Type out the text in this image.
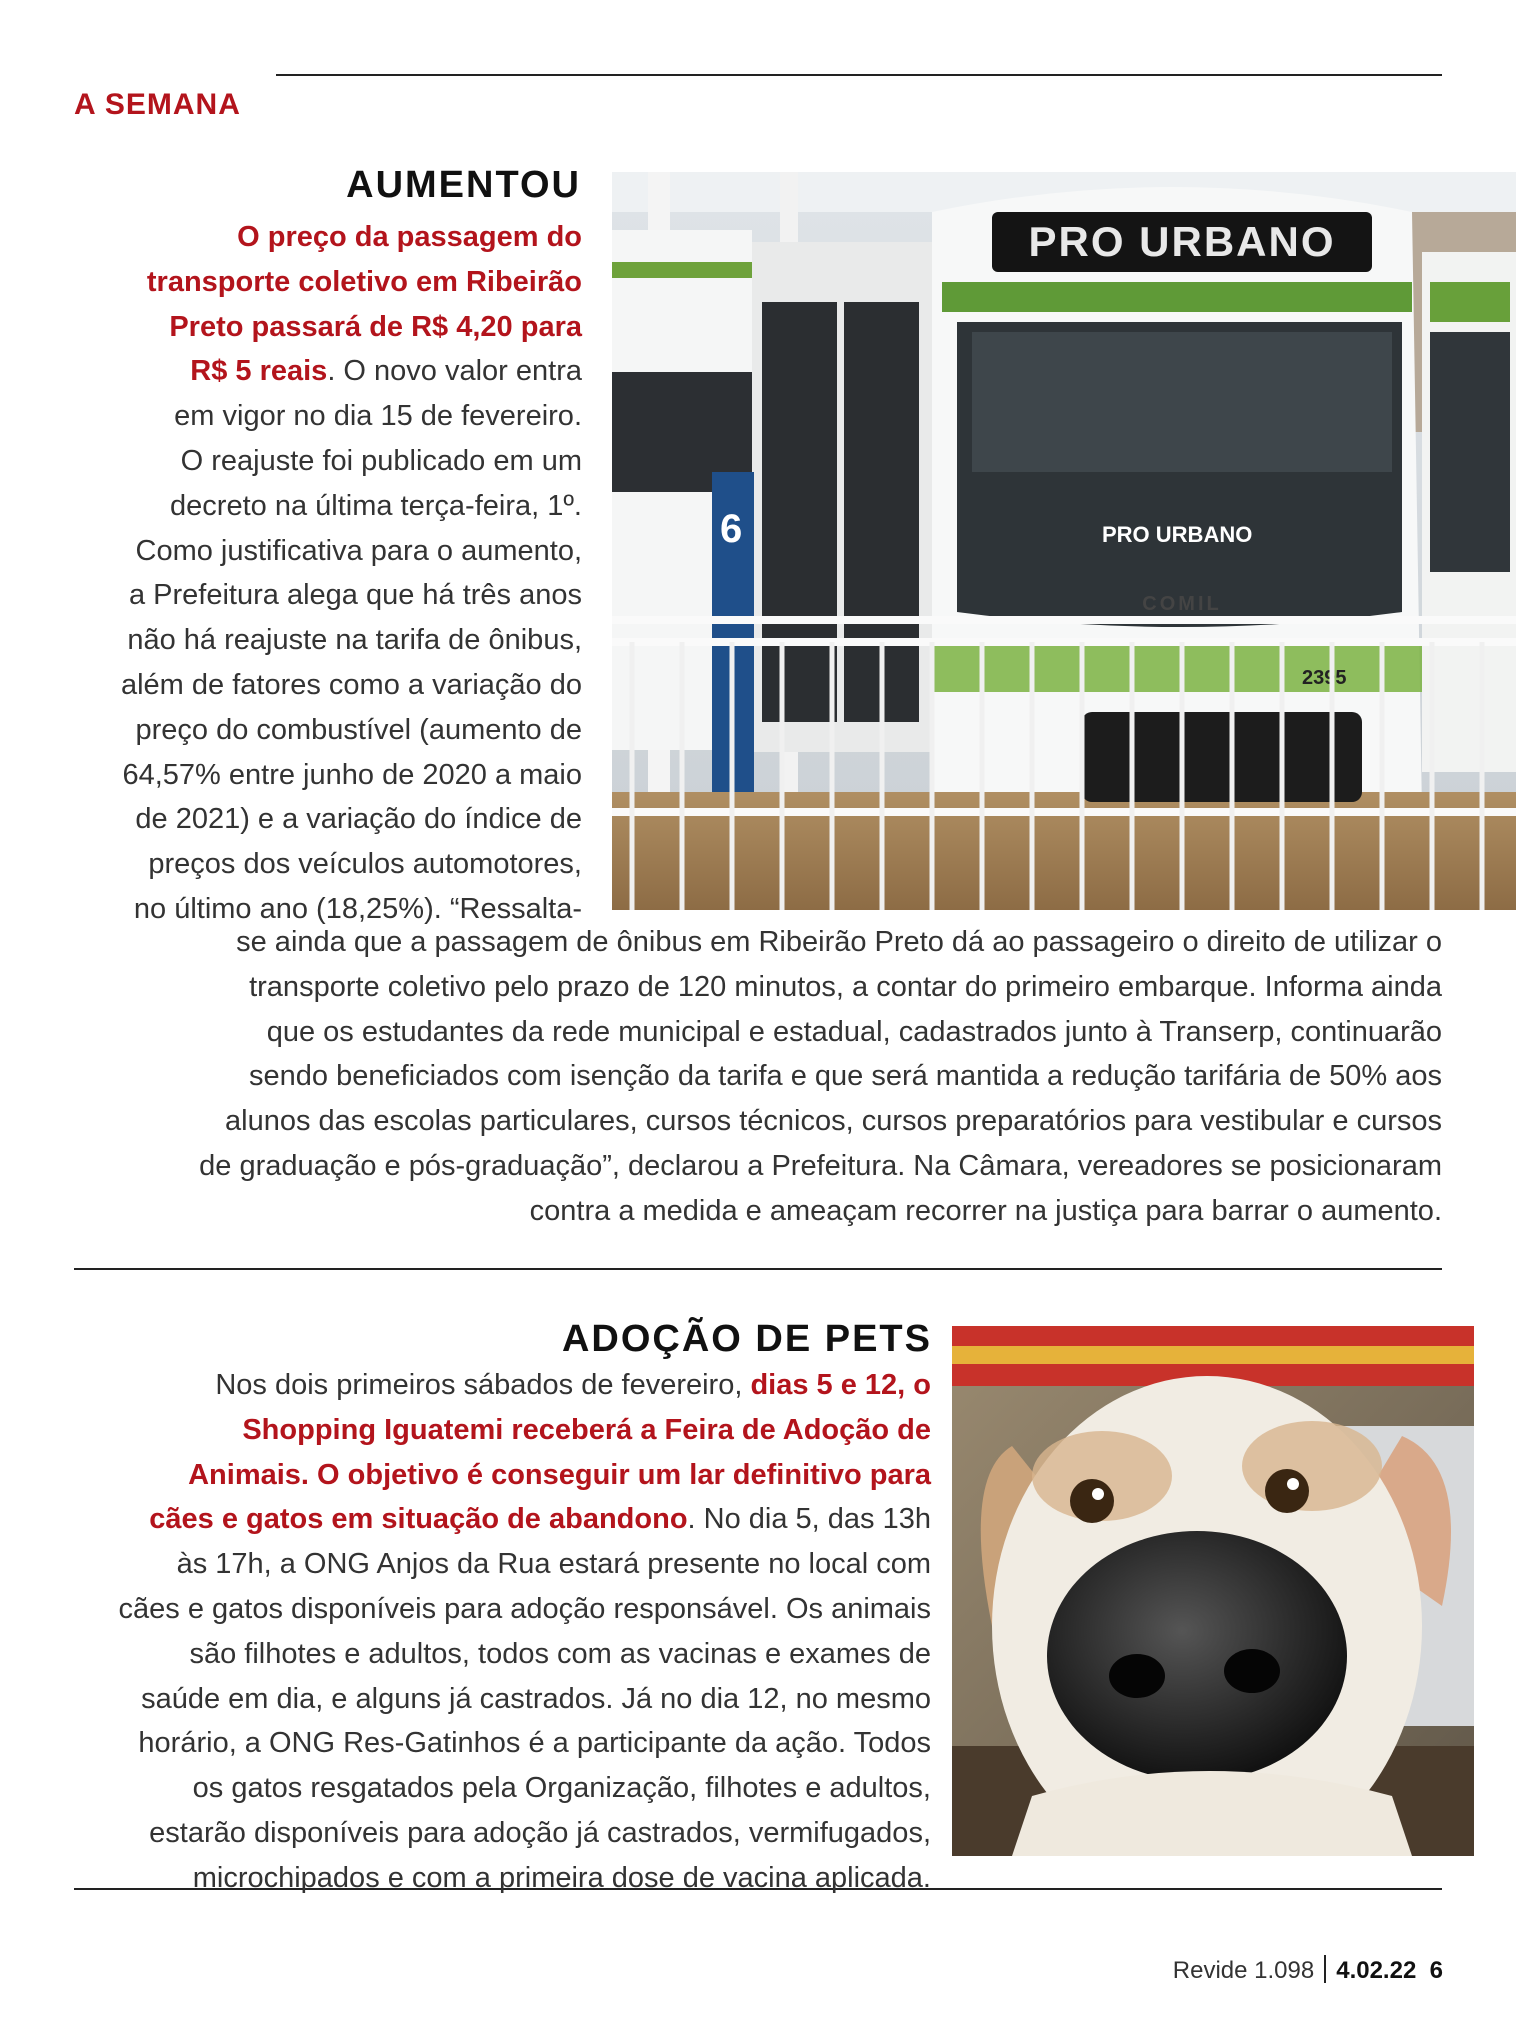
A SEMANA
AUMENTOU
O preço da passagem do
transporte coletivo em Ribeirão
Preto passará de R$ 4,20 para
R$ 5 reais. O novo valor entra
em vigor no dia 15 de fevereiro.
O reajuste foi publicado em um
decreto na última terça-feira, 1º.
Como justificativa para o aumento,
a Prefeitura alega que há três anos
não há reajuste na tarifa de ônibus,
além de fatores como a variação do
preço do combustível (aumento de
64,57% entre junho de 2020 a maio
de 2021) e a variação do índice de
preços dos veículos automotores,
no último ano (18,25%). “Ressalta-
se ainda que a passagem de ônibus em Ribeirão Preto dá ao passageiro o direito de utilizar o
transporte coletivo pelo prazo de 120 minutos, a contar do primeiro embarque. Informa ainda
que os estudantes da rede municipal e estadual, cadastrados junto à Transerp, continuarão
sendo beneficiados com isenção da tarifa e que será mantida a redução tarifária de 50% aos
alunos das escolas particulares, cursos técnicos, cursos preparatórios para vestibular e cursos
de graduação e pós-graduação”, declarou a Prefeitura. Na Câmara, vereadores se posicionaram
contra a medida e ameaçam recorrer na justiça para barrar o aumento.
6
PRO URBANO
PRO URBANO
COMIL
2395
ADOÇÃO DE PETS
Nos dois primeiros sábados de fevereiro, dias 5 e 12, o
Shopping Iguatemi receberá a Feira de Adoção de
Animais. O objetivo é conseguir um lar definitivo para
cães e gatos em situação de abandono. No dia 5, das 13h
às 17h, a ONG Anjos da Rua estará presente no local com
cães e gatos disponíveis para adoção responsável. Os animais
são filhotes e adultos, todos com as vacinas e exames de
saúde em dia, e alguns já castrados. Já no dia 12, no mesmo
horário, a ONG Res-Gatinhos é a participante da ação. Todos
os gatos resgatados pela Organização, filhotes e adultos,
estarão disponíveis para adoção já castrados, vermifugados,
microchipados e com a primeira dose de vacina aplicada.
Revide 1.098 4.02.22 6
